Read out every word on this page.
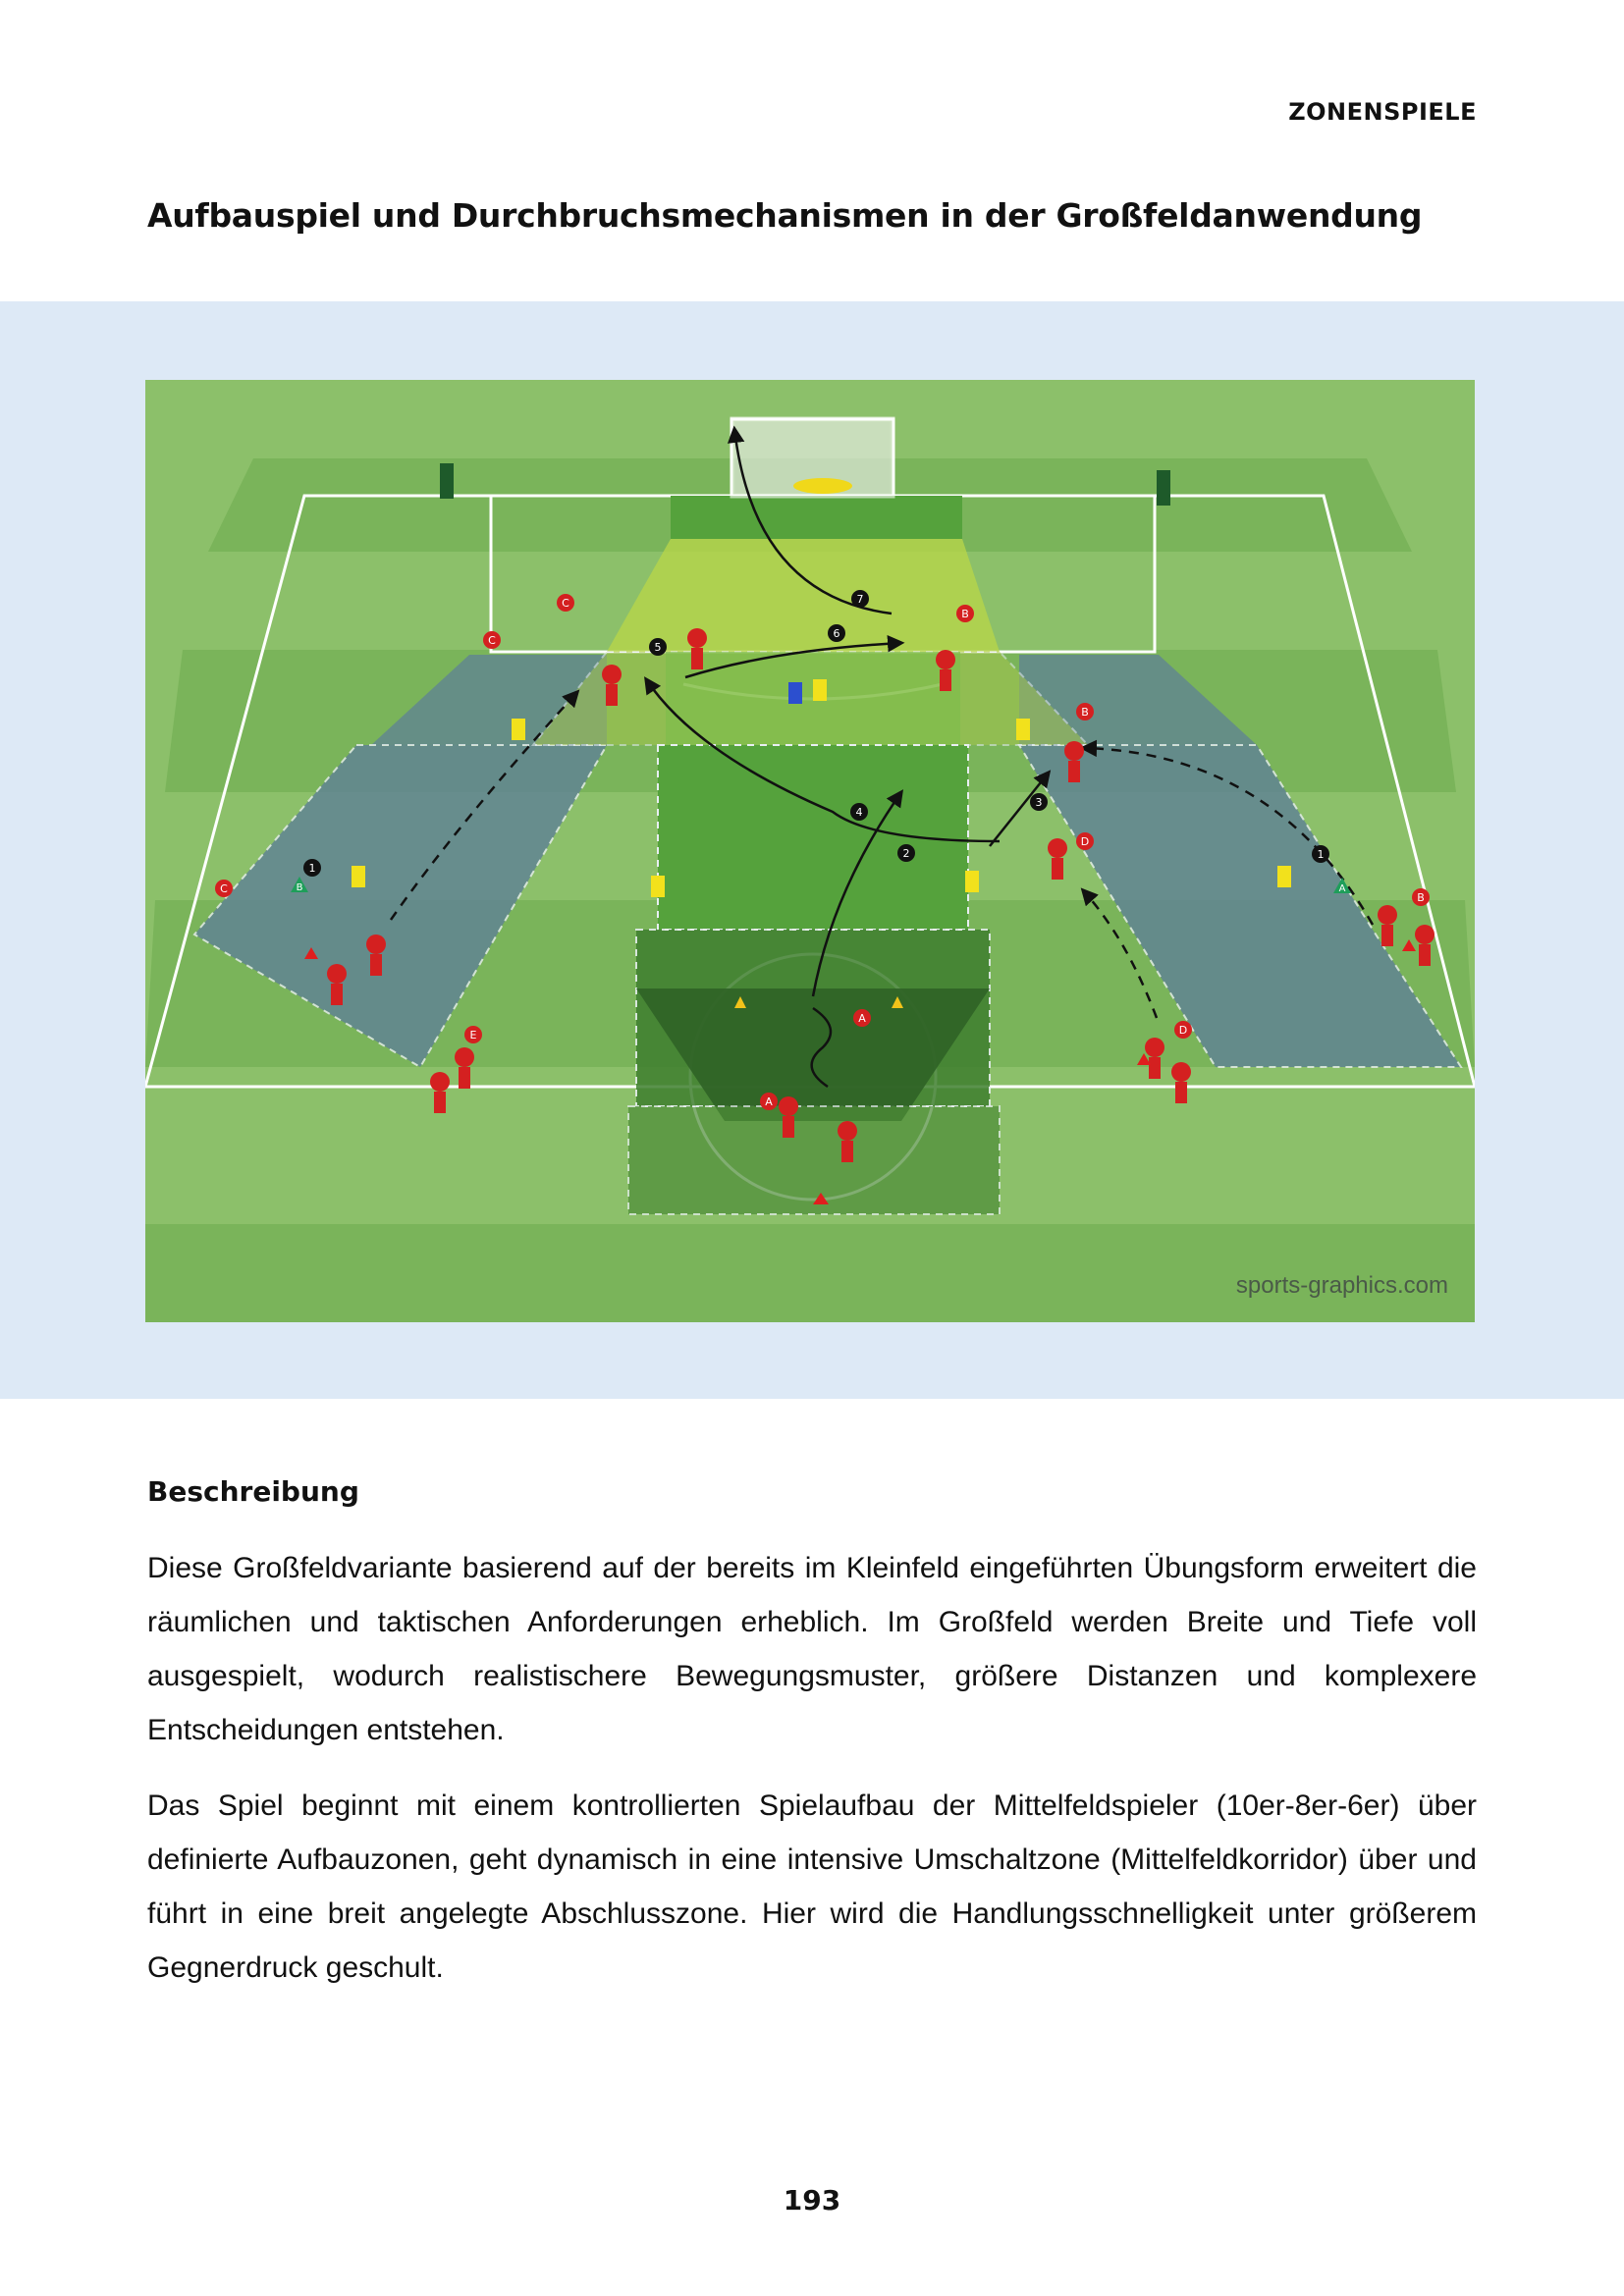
ZONENSPIELE
Aufbauspiel und Durchbruchsmechanismen in der Großfeldanwendung
1
2
3
4
5
6
7
1
C
C
C
B
B
B
D
D
E
A
A
B	A
sports-graphics.com
Beschreibung

Diese Großfeldvariante basierend auf der bereits im Kleinfeld eingeführten Übungsform erweitert die räumlichen und taktischen Anforderungen erheblich. Im Großfeld werden Breite und Tiefe voll ausgespielt, wodurch realistischere Bewegungsmuster, größere Distanzen und komplexere Entscheidungen entstehen.

Das Spiel beginnt mit einem kontrollierten Spielaufbau der Mittelfeldspieler (10er-8er-6er) über definierte Aufbauzonen, geht dynamisch in eine intensive Umschaltzone (Mittelfeldkorridor) über und führt in eine breit angelegte Abschlusszone. Hier wird die Handlungsschnelligkeit unter größerem Gegnerdruck geschult.

193
